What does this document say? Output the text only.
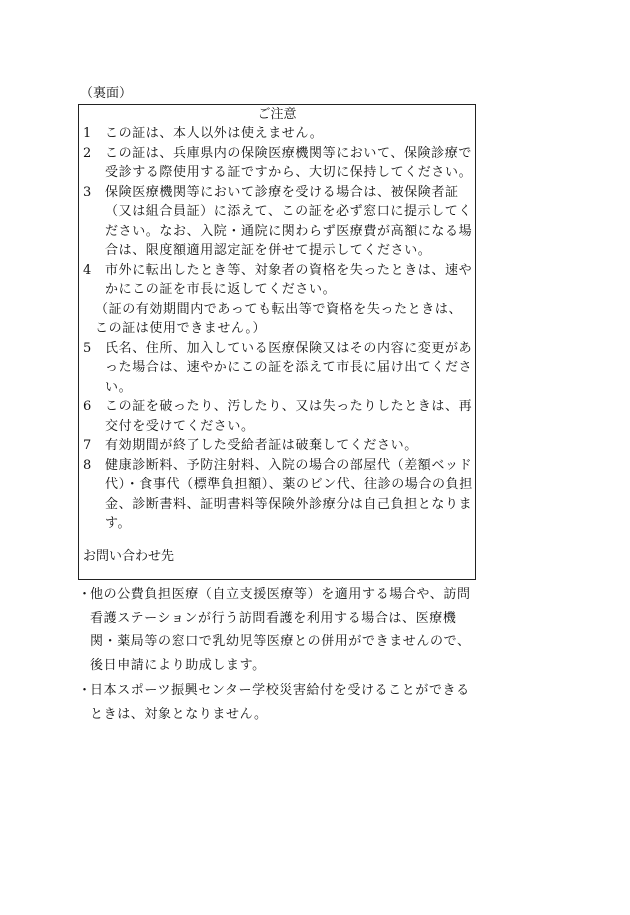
（裏面）
ご注意
1	この証は、本人以外は使えません。
2	この証は、兵庫県内の保険医療機関等において、保険診療で受診する際使用する証ですから、大切に保持してください。
3	保険医療機関等において診療を受ける場合は、被保険者証（又は組合員証）に添えて、この証を必ず窓口に提示してください。なお、入院・通院に関わらず医療費が高額になる場合は、限度額適用認定証を併せて提示してください。
4	市外に転出したとき等、対象者の資格を失ったときは、速やかにこの証を市長に返してください。
（証の有効期間内であっても転出等で資格を失ったときは、この証は使用できません。）
5	氏名、住所、加入している医療保険又はその内容に変更があった場合は、速やかにこの証を添えて市長に届け出てください。
6	この証を破ったり、汚したり、又は失ったりしたときは、再交付を受けてください。
7	有効期間が終了した受給者証は破棄してください。
8	健康診断料、予防注射料、入院の場合の部屋代（差額ベッド代）・食事代（標準負担額）、薬のビン代、往診の場合の負担金、診断書料、証明書料等保険外診療分は自己負担となります。
お問い合わせ先
・
他の公費負担医療（自立支援医療等）を適用する場合や、訪問看護ステーションが行う訪問看護を利用する場合は、医療機関・薬局等の窓口で乳幼児等医療との併用ができませんので、後日申請により助成します。
・
日本スポーツ振興センター学校災害給付を受けることができるときは、対象となりません。
